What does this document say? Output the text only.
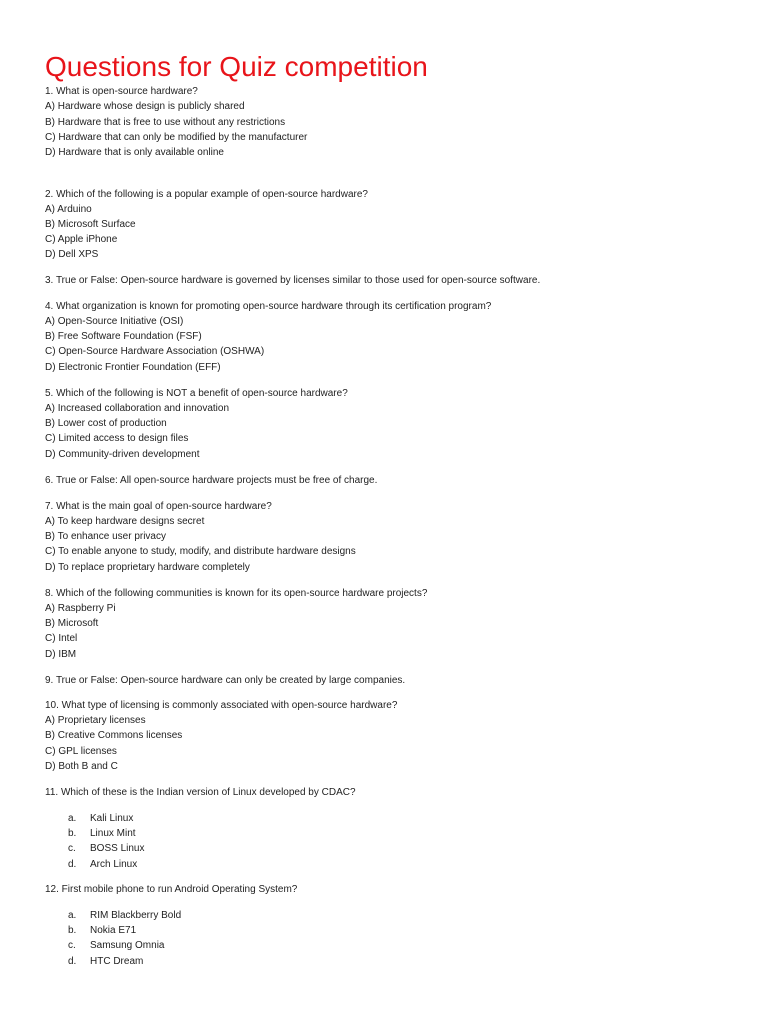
Questions for Quiz competition
1. What is open-source hardware?
A) Hardware whose design is publicly shared
B) Hardware that is free to use without any restrictions
C) Hardware that can only be modified by the manufacturer
D) Hardware that is only available online
2. Which of the following is a popular example of open-source hardware?
A) Arduino
B) Microsoft Surface
C) Apple iPhone
D) Dell XPS
3. True or False: Open-source hardware is governed by licenses similar to those used for open-source software.
4. What organization is known for promoting open-source hardware through its certification program?
A) Open-Source Initiative (OSI)
B) Free Software Foundation (FSF)
C) Open-Source Hardware Association (OSHWA)
D) Electronic Frontier Foundation (EFF)
5. Which of the following is NOT a benefit of open-source hardware?
A) Increased collaboration and innovation
B) Lower cost of production
C) Limited access to design files
D) Community-driven development
6. True or False: All open-source hardware projects must be free of charge.
7. What is the main goal of open-source hardware?
A) To keep hardware designs secret
B) To enhance user privacy
C) To enable anyone to study, modify, and distribute hardware designs
D) To replace proprietary hardware completely
8. Which of the following communities is known for its open-source hardware projects?
A) Raspberry Pi
B) Microsoft
C) Intel
D) IBM
9. True or False: Open-source hardware can only be created by large companies.
10. What type of licensing is commonly associated with open-source hardware?
A) Proprietary licenses
B) Creative Commons licenses
C) GPL licenses
D) Both B and C
11. Which of these is the Indian version of Linux developed by CDAC?
a. Kali Linux
b. Linux Mint
c. BOSS Linux
d. Arch Linux
12. First mobile phone to run Android Operating System?
a. RIM Blackberry Bold
b. Nokia E71
c. Samsung Omnia
d. HTC Dream
